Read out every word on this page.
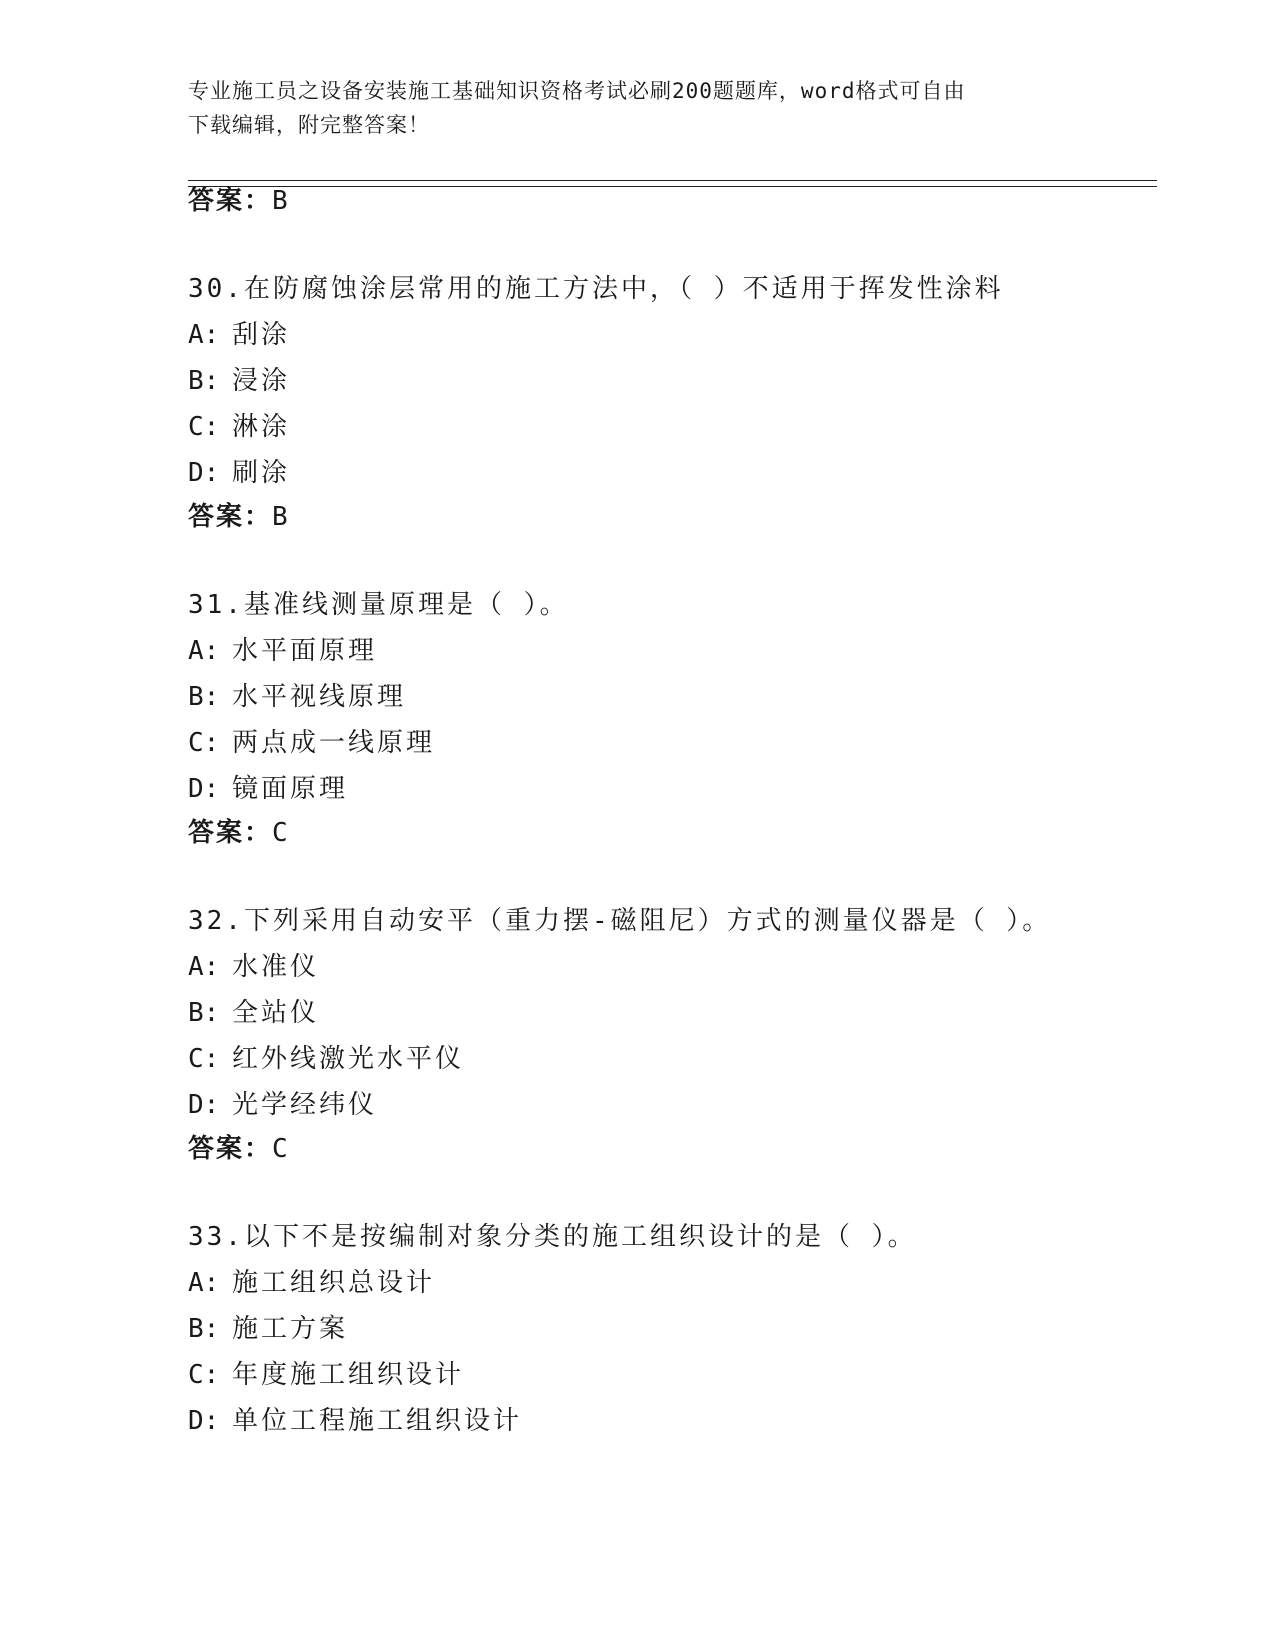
专业施工员之设备安装施工基础知识资格考试必刷200题题库，word格式可自由
下载编辑，附完整答案！
答案：B
30.在防腐蚀涂层常用的施工方法中，（ ）不适用于挥发性涂料
A: 刮涂
B: 浸涂
C: 淋涂
D: 刷涂
答案：B
31.基准线测量原理是（ ）。
A: 水平面原理
B: 水平视线原理
C: 两点成一线原理
D: 镜面原理
答案：C
32.下列采用自动安平（重力摆-磁阻尼）方式的测量仪器是（ ）。
A: 水准仪
B: 全站仪
C: 红外线激光水平仪
D: 光学经纬仪
答案：C
33.以下不是按编制对象分类的施工组织设计的是（ ）。
A: 施工组织总设计
B: 施工方案
C: 年度施工组织设计
D: 单位工程施工组织设计
